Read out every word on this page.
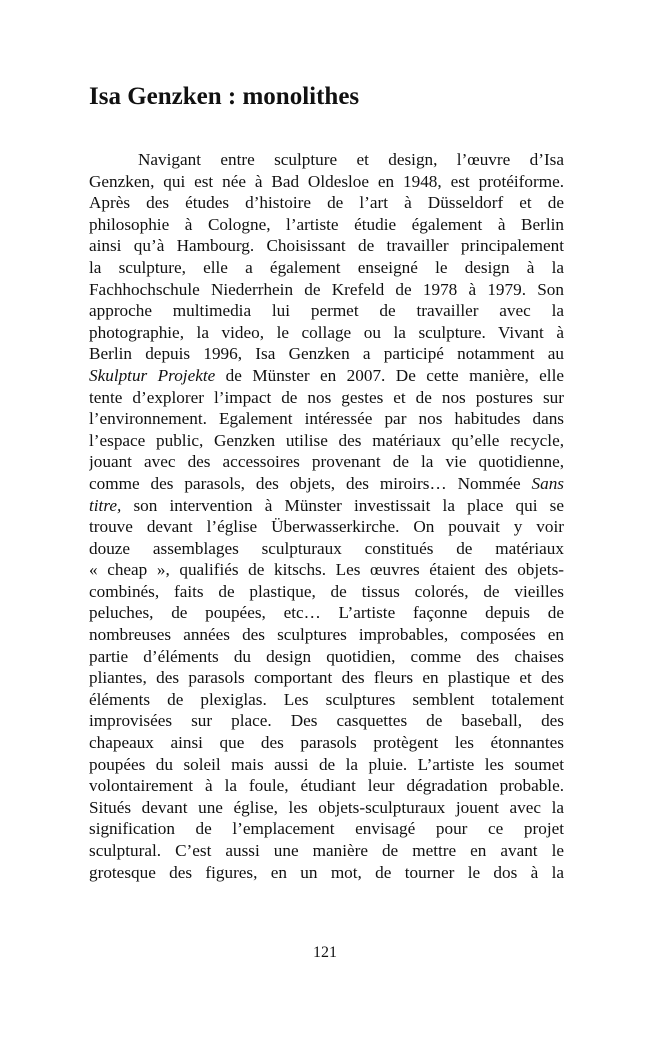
Isa Genzken : monolithes
Navigant entre sculpture et design, l’œuvre d’Isa
Genzken, qui est née à Bad Oldesloe en 1948, est protéiforme.
Après des études d’histoire de l’art à Düsseldorf et de
philosophie à Cologne, l’artiste étudie également à Berlin
ainsi qu’à Hambourg. Choisissant de travailler principalement
la sculpture, elle a également enseigné le design à la
Fachhochschule Niederrhein de Krefeld de 1978 à 1979. Son
approche multimedia lui permet de travailler avec la
photographie, la video, le collage ou la sculpture. Vivant à
Berlin depuis 1996, Isa Genzken a participé notamment au
Skulptur Projekte de Münster en 2007. De cette manière, elle
tente d’explorer l’impact de nos gestes et de nos postures sur
l’environnement. Egalement intéressée par nos habitudes dans
l’espace public, Genzken utilise des matériaux qu’elle recycle,
jouant avec des accessoires provenant de la vie quotidienne,
comme des parasols, des objets, des miroirs… Nommée Sans
titre, son intervention à Münster investissait la place qui se
trouve devant l’église Überwasserkirche. On pouvait y voir
douze assemblages sculpturaux constitués de matériaux
« cheap », qualifiés de kitschs. Les œuvres étaient des objets-
combinés, faits de plastique, de tissus colorés, de vieilles
peluches, de poupées, etc… L’artiste façonne depuis de
nombreuses années des sculptures improbables, composées en
partie d’éléments du design quotidien, comme des chaises
pliantes, des parasols comportant des fleurs en plastique et des
éléments de plexiglas. Les sculptures semblent totalement
improvisées sur place. Des casquettes de baseball, des
chapeaux ainsi que des parasols protègent les étonnantes
poupées du soleil mais aussi de la pluie. L’artiste les soumet
volontairement à la foule, étudiant leur dégradation probable.
Situés devant une église, les objets-sculpturaux jouent avec la
signification de l’emplacement envisagé pour ce projet
sculptural. C’est aussi une manière de mettre en avant le
grotesque des figures, en un mot, de tourner le dos à la
121
